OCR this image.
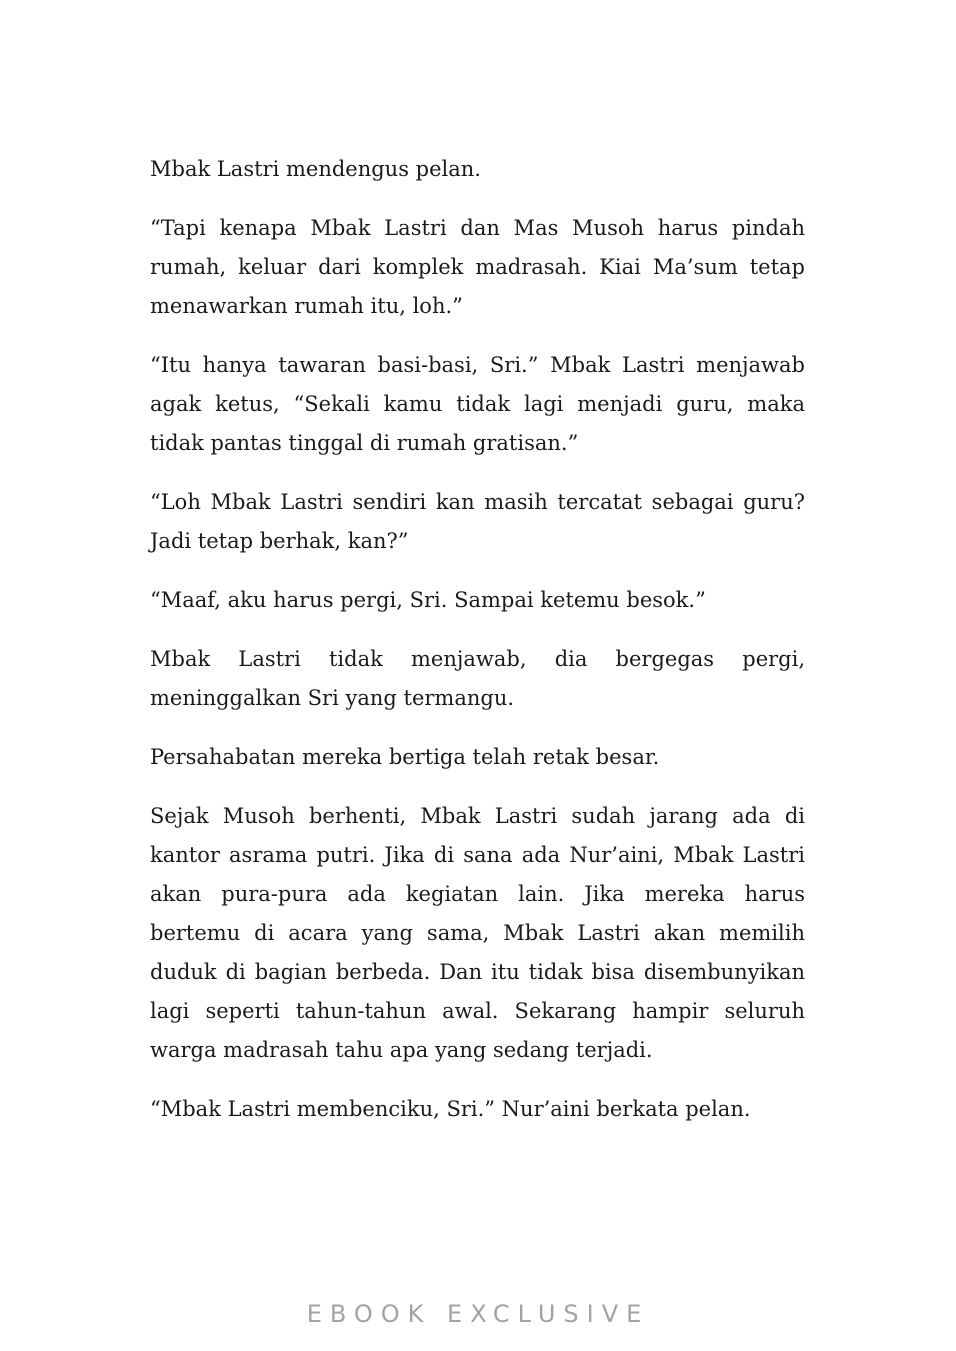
Mbak Lastri mendengus pelan.

“Tapi kenapa Mbak Lastri dan Mas Musoh harus pindah rumah, keluar dari komplek madrasah. Kiai Ma’sum tetap menawarkan rumah itu, loh.”

“Itu hanya tawaran basi-basi, Sri.” Mbak Lastri menjawab agak ketus, “Sekali kamu tidak lagi menjadi guru, maka tidak pantas tinggal di rumah gratisan.”

“Loh Mbak Lastri sendiri kan masih tercatat sebagai guru? Jadi tetap berhak, kan?”

“Maaf, aku harus pergi, Sri. Sampai ketemu besok.”

Mbak Lastri tidak menjawab, dia bergegas pergi, meninggalkan Sri yang termangu.

Persahabatan mereka bertiga telah retak besar.

Sejak Musoh berhenti, Mbak Lastri sudah jarang ada di kantor asrama putri. Jika di sana ada Nur’aini, Mbak Lastri akan pura-pura ada kegiatan lain. Jika mereka harus bertemu di acara yang sama, Mbak Lastri akan memilih duduk di bagian berbeda. Dan itu tidak bisa disembunyikan lagi seperti tahun-tahun awal. Sekarang hampir seluruh warga madrasah tahu apa yang sedang terjadi.

“Mbak Lastri membenciku, Sri.” Nur’aini berkata pelan.

EBOOK EXCLUSIVE
